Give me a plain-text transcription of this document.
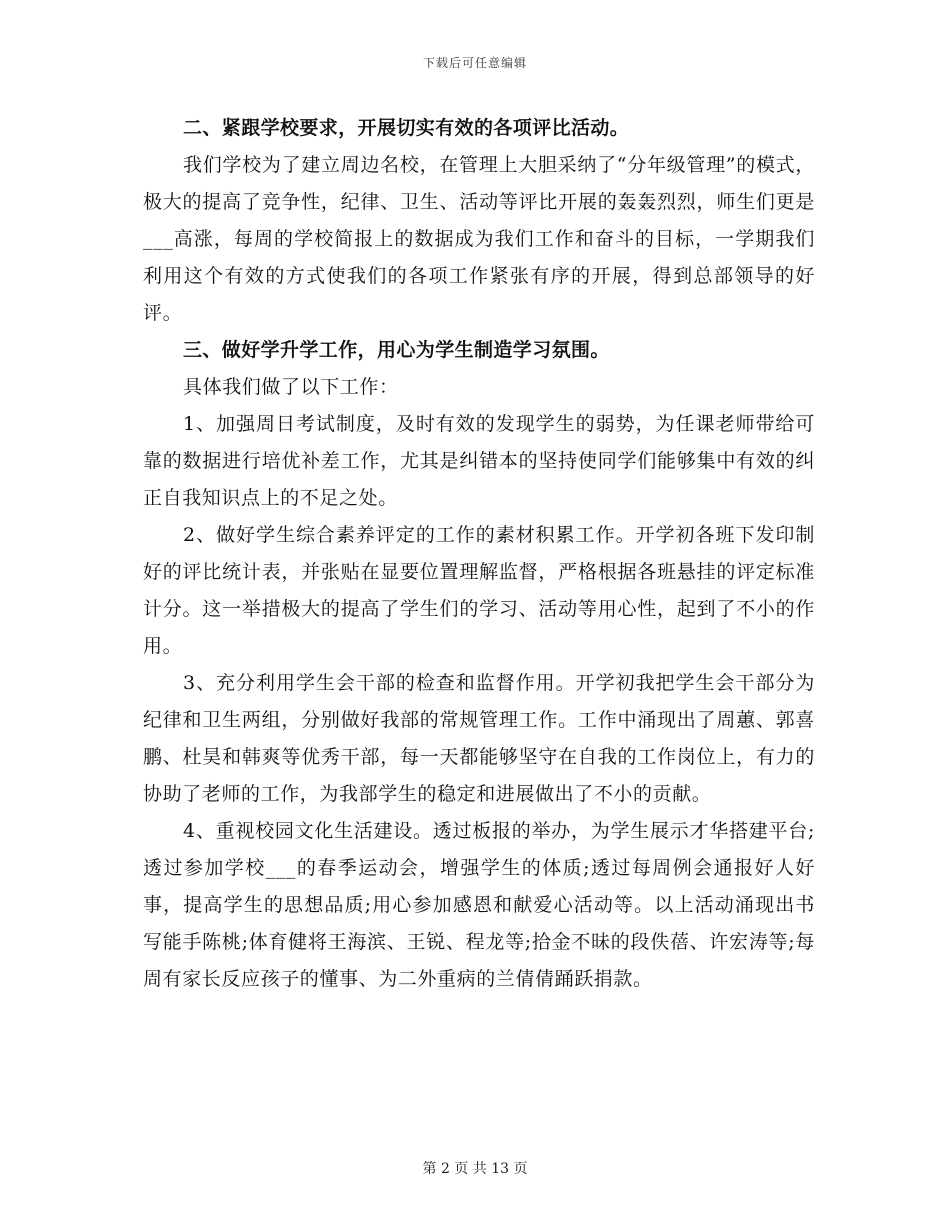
下载后可任意编辑

二、紧跟学校要求，开展切实有效的各项评比活动。

我们学校为了建立周边名校，在管理上大胆采纳了“分年级管理”的模式，极大的提高了竞争性，纪律、卫生、活动等评比开展的轰轰烈烈，师生们更是___高涨，每周的学校简报上的数据成为我们工作和奋斗的目标，一学期我们利用这个有效的方式使我们的各项工作紧张有序的开展，得到总部领导的好评。

三、做好学升学工作，用心为学生制造学习氛围。

具体我们做了以下工作：

1、加强周日考试制度，及时有效的发现学生的弱势，为任课老师带给可靠的数据进行培优补差工作，尤其是纠错本的坚持使同学们能够集中有效的纠正自我知识点上的不足之处。

2、做好学生综合素养评定的工作的素材积累工作。开学初各班下发印制好的评比统计表，并张贴在显要位置理解监督，严格根据各班悬挂的评定标准计分。这一举措极大的提高了学生们的学习、活动等用心性，起到了不小的作用。

3、充分利用学生会干部的检查和监督作用。开学初我把学生会干部分为纪律和卫生两组，分别做好我部的常规管理工作。工作中涌现出了周蕙、郭喜鹏、杜昊和韩爽等优秀干部，每一天都能够坚守在自我的工作岗位上，有力的协助了老师的工作，为我部学生的稳定和进展做出了不小的贡献。

4、重视校园文化生活建设。透过板报的举办，为学生展示才华搭建平台;透过参加学校___的春季运动会，增强学生的体质;透过每周例会通报好人好事，提高学生的思想品质;用心参加感恩和献爱心活动等。以上活动涌现出书写能手陈桃;体育健将王海滨、王锐、程龙等;拾金不昧的段佚蓓、许宏涛等;每周有家长反应孩子的懂事、为二外重病的兰倩倩踊跃捐款。

第 2 页 共 13 页
